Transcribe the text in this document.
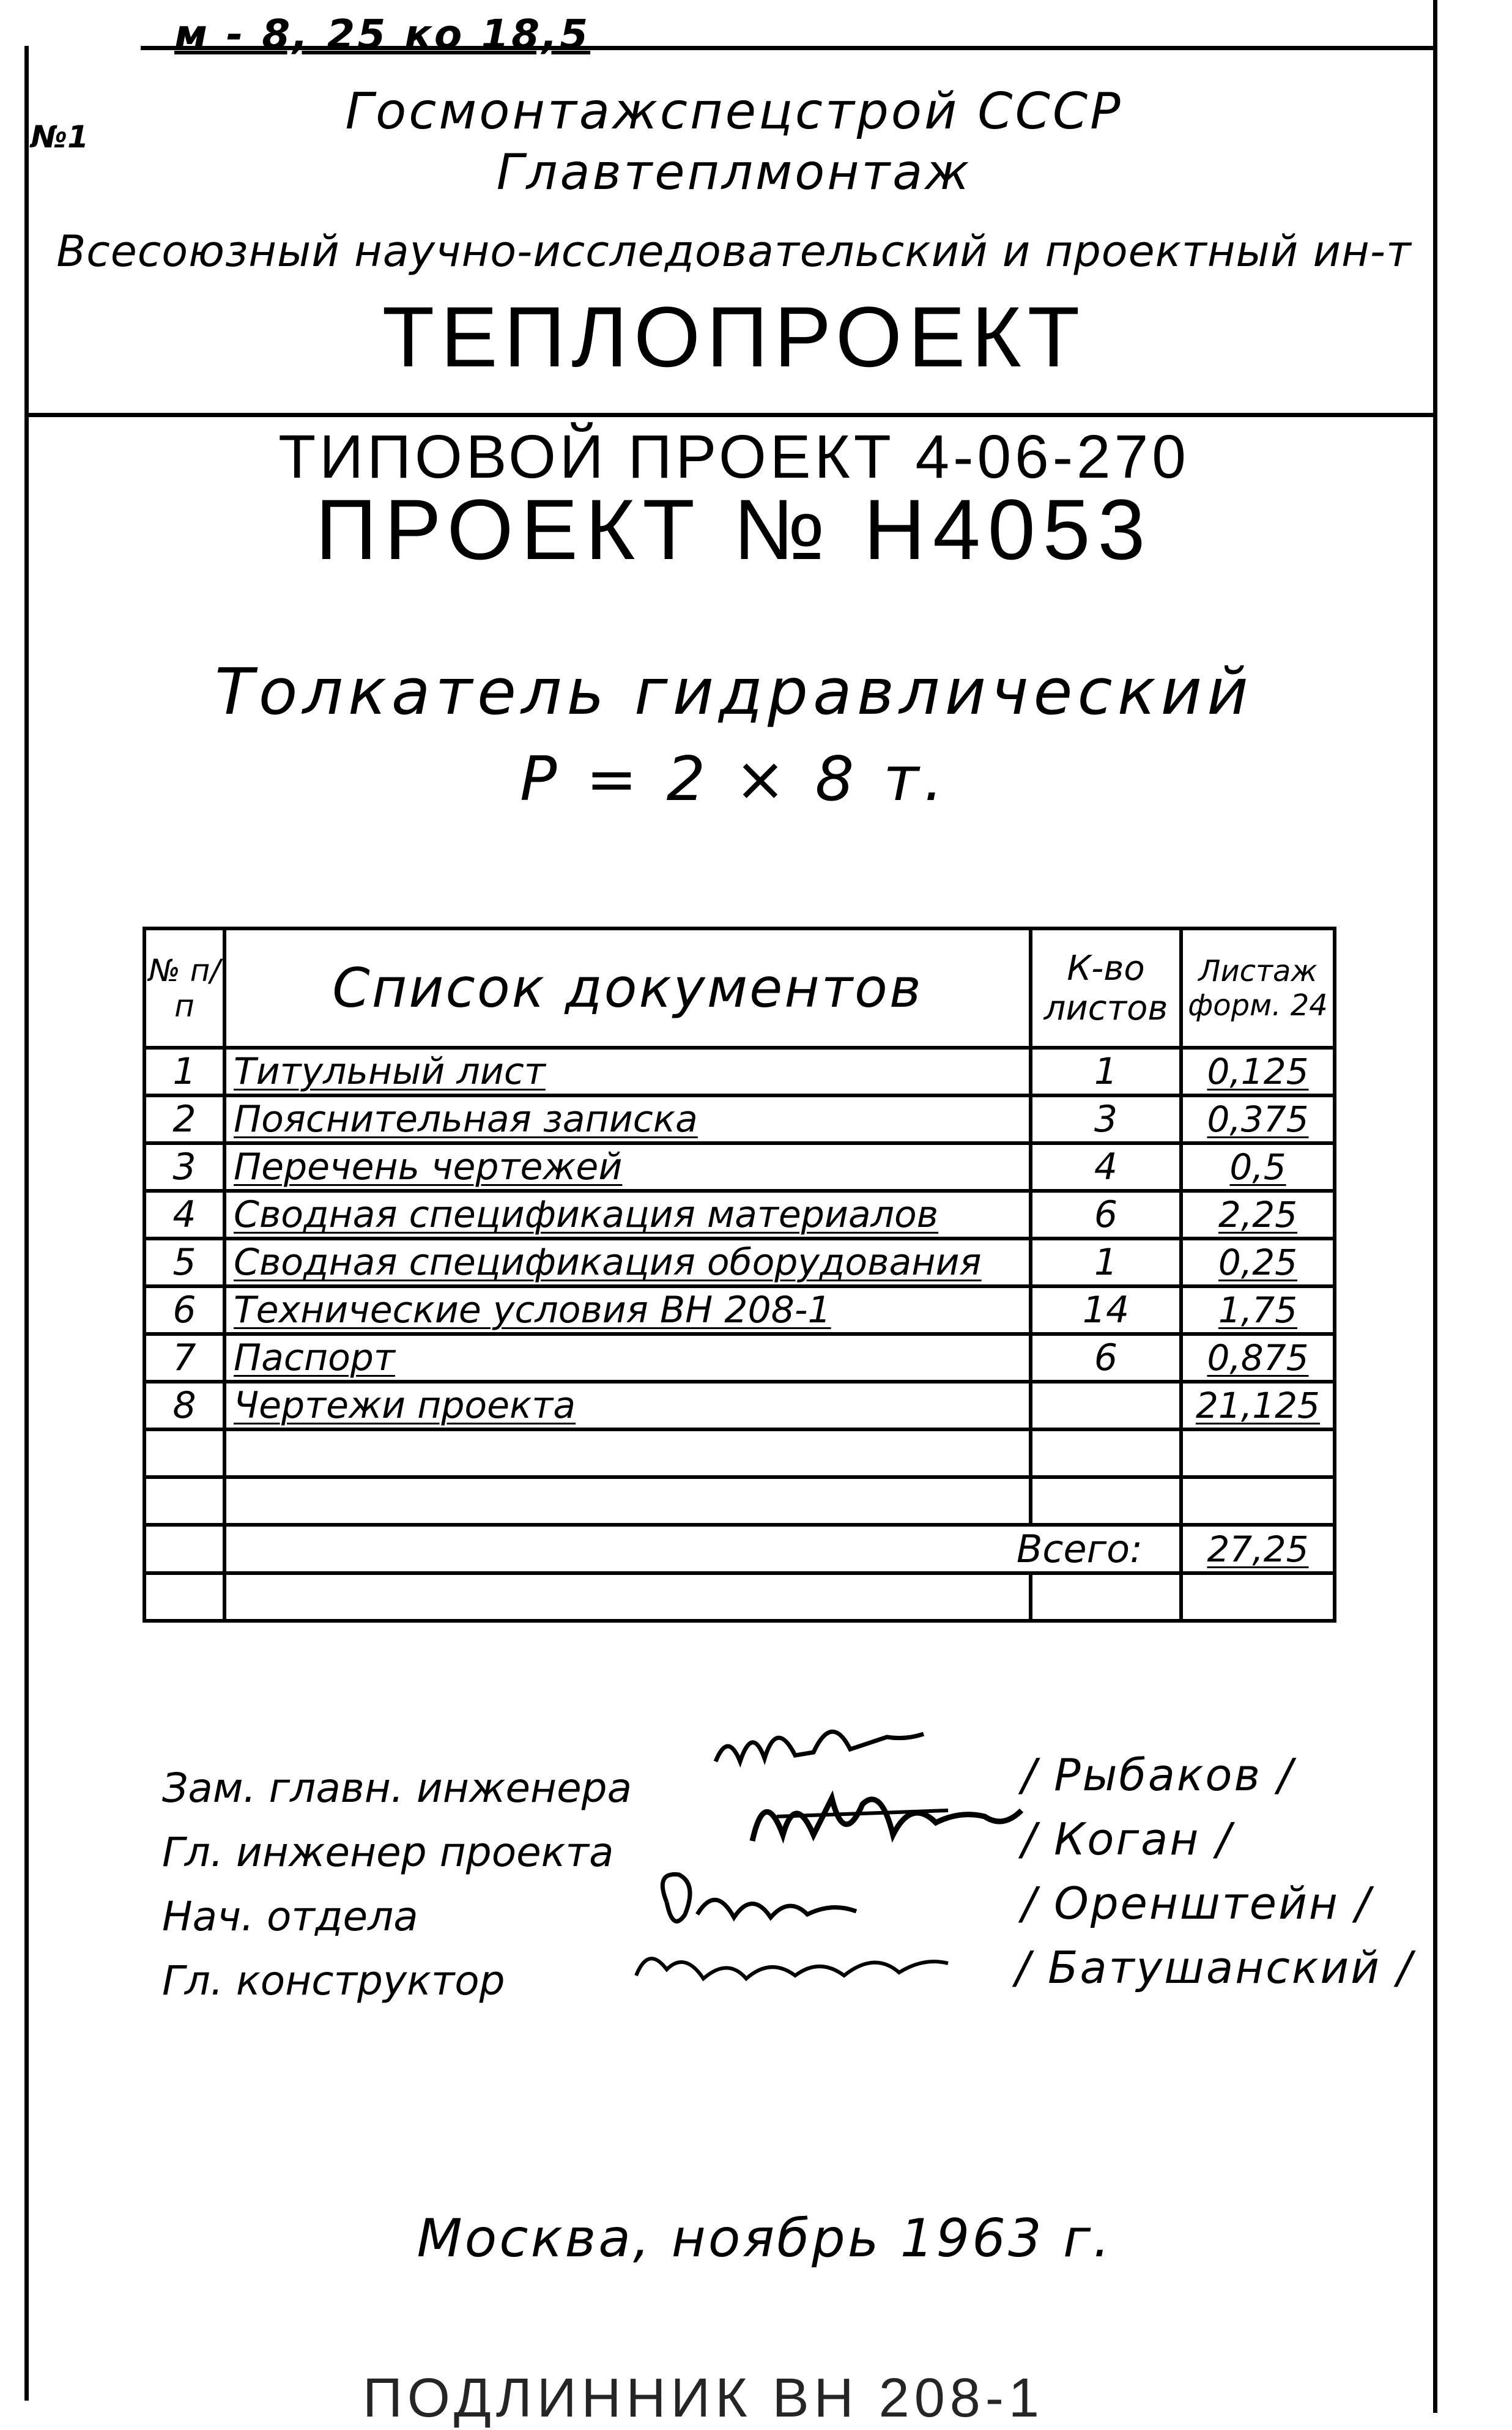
м - 8, 25 ко 18,5
№1	Госмонтажспецстрой СССР
Главтеплмонтаж
Всесоюзный научно-исследовательский и проектный ин-т
ТЕПЛОПРОЕКТ
ТИПОВОЙ ПРОЕКТ 4-06-270
ПРОЕКТ № Н4053
Толкатель гидравлический
Р = 2 × 8 т.
№ п/п	Список документов	К-во листов	Листаж форм. 24
1	Титульный лист	1	0,125
2	Пояснительная записка	3	0,375
3	Перечень чертежей	4	0,5
4	Сводная спецификация материалов	6	2,25
5	Сводная спецификация оборудования	1	0,25
6	Технические условия ВН 208-1	14	1,75
7	Паспорт	6	0,875
8	Чертежи проекта		21,125

	Всего:		27,25

Зам. главн. инженера
Гл. инженер проекта
Нач. отдела
Гл. конструктор
/ Рыбаков /
/ Коган /
/ Оренштейн /
/ Батушанский /
Москва, ноябрь 1963 г.
ПОДЛИННИК ВН 208-1
